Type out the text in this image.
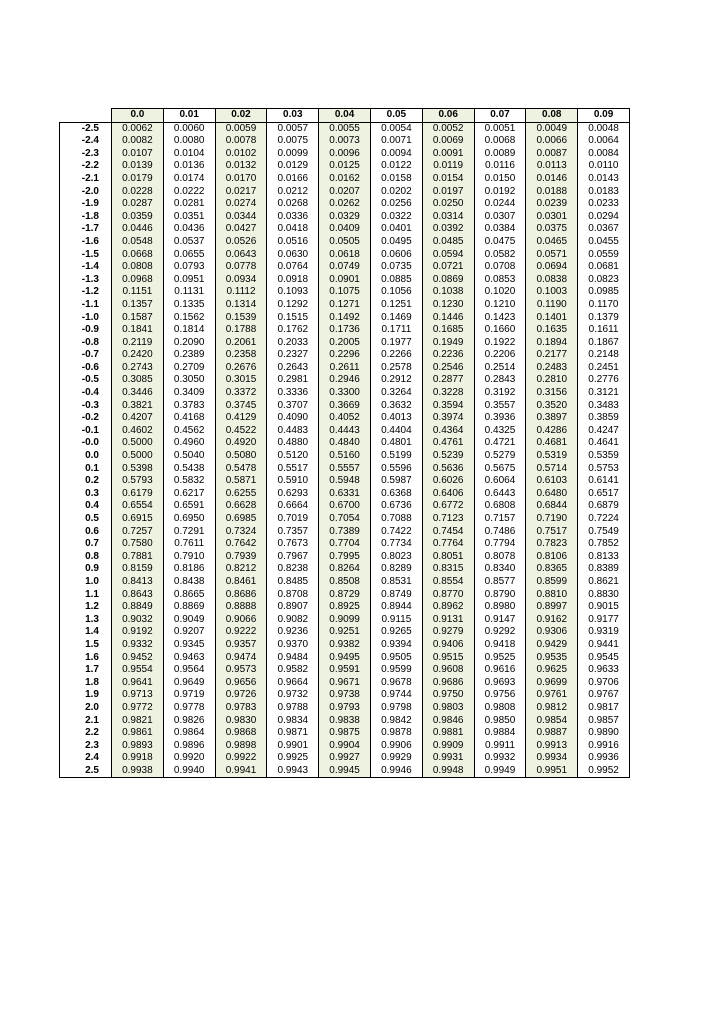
	0.0	0.01	0.02	0.03	0.04	0.05	0.06	0.07	0.08	0.09
-2.5	0.0062	0.0060	0.0059	0.0057	0.0055	0.0054	0.0052	0.0051	0.0049	0.0048
-2.4	0.0082	0.0080	0.0078	0.0075	0.0073	0.0071	0.0069	0.0068	0.0066	0.0064
-2.3	0.0107	0.0104	0.0102	0.0099	0.0096	0.0094	0.0091	0.0089	0.0087	0.0084
-2.2	0.0139	0.0136	0.0132	0.0129	0.0125	0.0122	0.0119	0.0116	0.0113	0.0110
-2.1	0.0179	0.0174	0.0170	0.0166	0.0162	0.0158	0.0154	0.0150	0.0146	0.0143
-2.0	0.0228	0.0222	0.0217	0.0212	0.0207	0.0202	0.0197	0.0192	0.0188	0.0183
-1.9	0.0287	0.0281	0.0274	0.0268	0.0262	0.0256	0.0250	0.0244	0.0239	0.0233
-1.8	0.0359	0.0351	0.0344	0.0336	0.0329	0.0322	0.0314	0.0307	0.0301	0.0294
-1.7	0.0446	0.0436	0.0427	0.0418	0.0409	0.0401	0.0392	0.0384	0.0375	0.0367
-1.6	0.0548	0.0537	0.0526	0.0516	0.0505	0.0495	0.0485	0.0475	0.0465	0.0455
-1.5	0.0668	0.0655	0.0643	0.0630	0.0618	0.0606	0.0594	0.0582	0.0571	0.0559
-1.4	0.0808	0.0793	0.0778	0.0764	0.0749	0.0735	0.0721	0.0708	0.0694	0.0681
-1.3	0.0968	0.0951	0.0934	0.0918	0.0901	0.0885	0.0869	0.0853	0.0838	0.0823
-1.2	0.1151	0.1131	0.1112	0.1093	0.1075	0.1056	0.1038	0.1020	0.1003	0.0985
-1.1	0.1357	0.1335	0.1314	0.1292	0.1271	0.1251	0.1230	0.1210	0.1190	0.1170
-1.0	0.1587	0.1562	0.1539	0.1515	0.1492	0.1469	0.1446	0.1423	0.1401	0.1379
-0.9	0.1841	0.1814	0.1788	0.1762	0.1736	0.1711	0.1685	0.1660	0.1635	0.1611
-0.8	0.2119	0.2090	0.2061	0.2033	0.2005	0.1977	0.1949	0.1922	0.1894	0.1867
-0.7	0.2420	0.2389	0.2358	0.2327	0.2296	0.2266	0.2236	0.2206	0.2177	0.2148
-0.6	0.2743	0.2709	0.2676	0.2643	0.2611	0.2578	0.2546	0.2514	0.2483	0.2451
-0.5	0.3085	0.3050	0.3015	0.2981	0.2946	0.2912	0.2877	0.2843	0.2810	0.2776
-0.4	0.3446	0.3409	0.3372	0.3336	0.3300	0.3264	0.3228	0.3192	0.3156	0.3121
-0.3	0.3821	0.3783	0.3745	0.3707	0.3669	0.3632	0.3594	0.3557	0.3520	0.3483
-0.2	0.4207	0.4168	0.4129	0.4090	0.4052	0.4013	0.3974	0.3936	0.3897	0.3859
-0.1	0.4602	0.4562	0.4522	0.4483	0.4443	0.4404	0.4364	0.4325	0.4286	0.4247
-0.0	0.5000	0.4960	0.4920	0.4880	0.4840	0.4801	0.4761	0.4721	0.4681	0.4641
0.0	0.5000	0.5040	0.5080	0.5120	0.5160	0.5199	0.5239	0.5279	0.5319	0.5359
0.1	0.5398	0.5438	0.5478	0.5517	0.5557	0.5596	0.5636	0.5675	0.5714	0.5753
0.2	0.5793	0.5832	0.5871	0.5910	0.5948	0.5987	0.6026	0.6064	0.6103	0.6141
0.3	0.6179	0.6217	0.6255	0.6293	0.6331	0.6368	0.6406	0.6443	0.6480	0.6517
0.4	0.6554	0.6591	0.6628	0.6664	0.6700	0.6736	0.6772	0.6808	0.6844	0.6879
0.5	0.6915	0.6950	0.6985	0.7019	0.7054	0.7088	0.7123	0.7157	0.7190	0.7224
0.6	0.7257	0.7291	0.7324	0.7357	0.7389	0.7422	0.7454	0.7486	0.7517	0.7549
0.7	0.7580	0.7611	0.7642	0.7673	0.7704	0.7734	0.7764	0.7794	0.7823	0.7852
0.8	0.7881	0.7910	0.7939	0.7967	0.7995	0.8023	0.8051	0.8078	0.8106	0.8133
0.9	0.8159	0.8186	0.8212	0.8238	0.8264	0.8289	0.8315	0.8340	0.8365	0.8389
1.0	0.8413	0.8438	0.8461	0.8485	0.8508	0.8531	0.8554	0.8577	0.8599	0.8621
1.1	0.8643	0.8665	0.8686	0.8708	0.8729	0.8749	0.8770	0.8790	0.8810	0.8830
1.2	0.8849	0.8869	0.8888	0.8907	0.8925	0.8944	0.8962	0.8980	0.8997	0.9015
1.3	0.9032	0.9049	0.9066	0.9082	0.9099	0.9115	0.9131	0.9147	0.9162	0.9177
1.4	0.9192	0.9207	0.9222	0.9236	0.9251	0.9265	0.9279	0.9292	0.9306	0.9319
1.5	0.9332	0.9345	0.9357	0.9370	0.9382	0.9394	0.9406	0.9418	0.9429	0.9441
1.6	0.9452	0.9463	0.9474	0.9484	0.9495	0.9505	0.9515	0.9525	0.9535	0.9545
1.7	0.9554	0.9564	0.9573	0.9582	0.9591	0.9599	0.9608	0.9616	0.9625	0.9633
1.8	0.9641	0.9649	0.9656	0.9664	0.9671	0.9678	0.9686	0.9693	0.9699	0.9706
1.9	0.9713	0.9719	0.9726	0.9732	0.9738	0.9744	0.9750	0.9756	0.9761	0.9767
2.0	0.9772	0.9778	0.9783	0.9788	0.9793	0.9798	0.9803	0.9808	0.9812	0.9817
2.1	0.9821	0.9826	0.9830	0.9834	0.9838	0.9842	0.9846	0.9850	0.9854	0.9857
2.2	0.9861	0.9864	0.9868	0.9871	0.9875	0.9878	0.9881	0.9884	0.9887	0.9890
2.3	0.9893	0.9896	0.9898	0.9901	0.9904	0.9906	0.9909	0.9911	0.9913	0.9916
2.4	0.9918	0.9920	0.9922	0.9925	0.9927	0.9929	0.9931	0.9932	0.9934	0.9936
2.5	0.9938	0.9940	0.9941	0.9943	0.9945	0.9946	0.9948	0.9949	0.9951	0.9952
